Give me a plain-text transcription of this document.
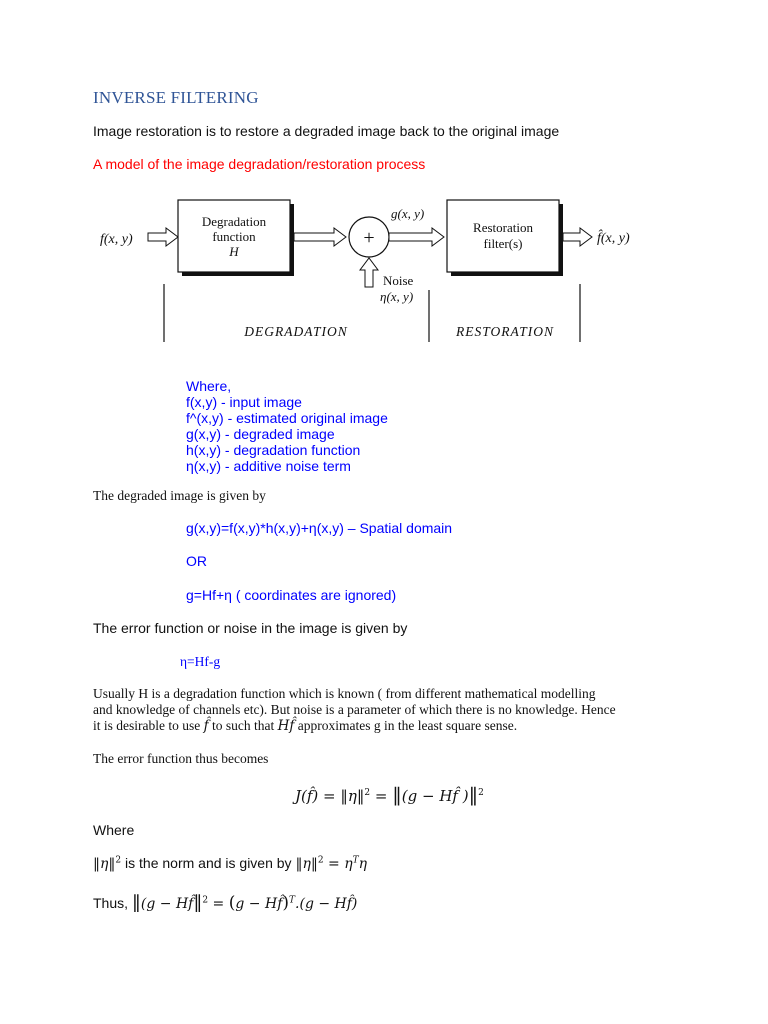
INVERSE FILTERING
Image restoration is to restore a degraded image back to the original image
A model of the image degradation/restoration process
f(x, y)
Degradation
function
H
+
g(x, y)
Noise
η(x, y)
Restoration
filter(s)	f̂(x, y)
DEGRADATION	RESTORATION
Where,
f(x,y) - input image
f^(x,y) - estimated original image
g(x,y) - degraded image
h(x,y) - degradation function
η(x,y) - additive noise term
The degraded image is given by
g(x,y)=f(x,y)*h(x,y)+η(x,y) – Spatial domain
OR
g=Hf+η ( coordinates are ignored)
The error function or noise in the image is given by
η=Hf-g
Usually H is a degradation function which is known ( from different mathematical modelling
and knowledge of channels etc). But noise is a parameter of which there is no knowledge. Hence
it is desirable to use f̂ to such that Hf̂ approximates g in the least square sense.
The error function thus becomes
J(f̂) = ‖η‖$^2$ = ‖(g − Hf̂ )‖$^2$
Where
‖η‖$^2$ is the norm and is given by ‖η‖$^2$ = $\eta^T\eta$
Thus, ‖(g − Hf̂‖$^2$ = (g − Hf̂)$^T$.(g − Hf̂)
